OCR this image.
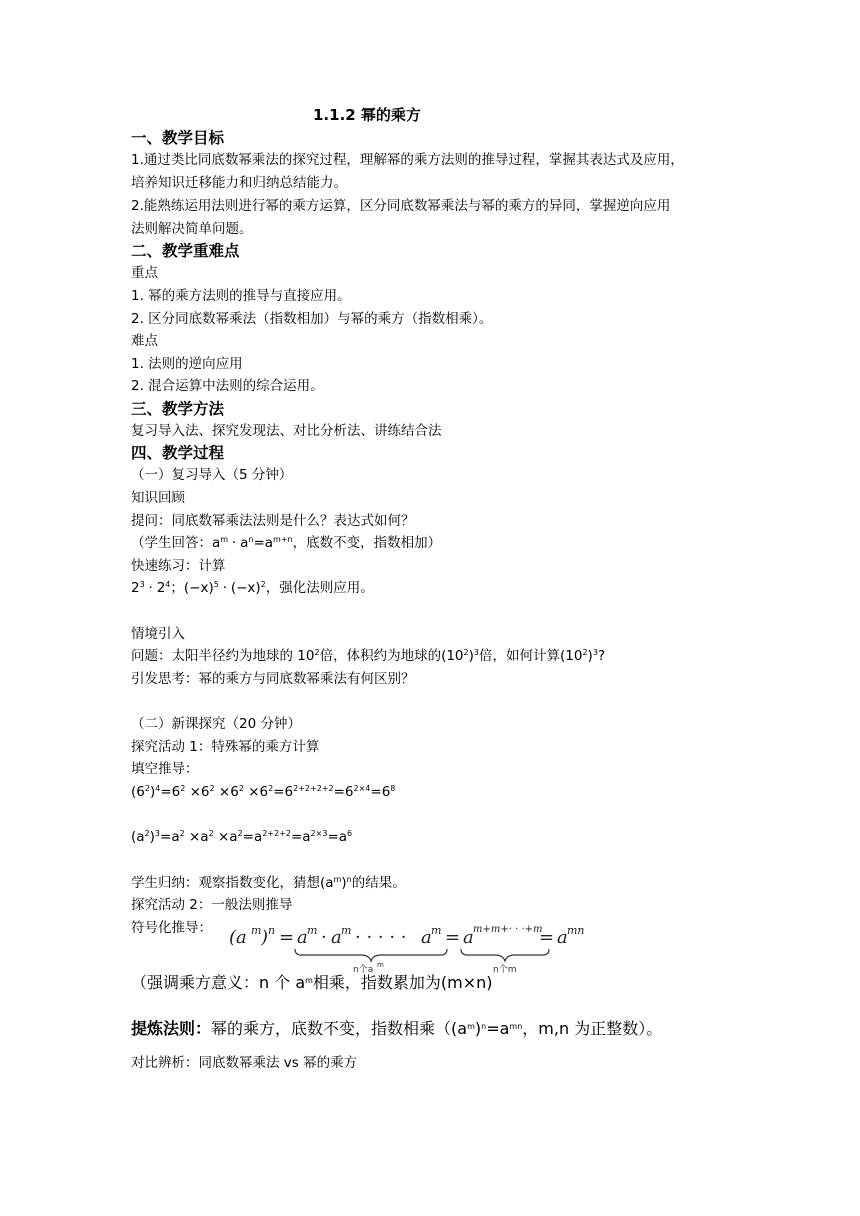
1.1.2 幂的乘方

一、教学目标

1.通过类比同底数幂乘法的探究过程，理解幂的乘方法则的推导过程，掌握其表达式及应用，

培养知识迁移能力和归纳总结能力。

2.能熟练运用法则进行幂的乘方运算，区分同底数幂乘法与幂的乘方的异同，掌握逆向应用

法则解决简单问题。

二、教学重难点

重点

1. 幂的乘方法则的推导与直接应用。

2. 区分同底数幂乘法（指数相加）与幂的乘方（指数相乘）。

难点

1. 法则的逆向应用

2. 混合运算中法则的综合运用。

三、教学方法

复习导入法、探究发现法、对比分析法、讲练结合法

四、教学过程

（一）复习导入（5 分钟）

知识回顾

提问：同底数幂乘法法则是什么？表达式如何？

（学生回答：$a^m \cdot a^n=a^{m+n}$，底数不变，指数相加）

快速练习：计算

$2^3 \cdot 2^4$；$(-x)^5 \cdot (-x)^2$，强化法则应用。

情境引入

问题：太阳半径约为地球的 $10^2$倍，体积约为地球的$(10^2)^3$倍，如何计算$(10^2)^3$?

引发思考：幂的乘方与同底数幂乘法有何区别？

（二）新课探究（20 分钟）

探究活动 1：特殊幂的乘方计算

填空推导：

$(6^2)^4=6^2 \times 6^2 \times 6^2 \times 6^2=6^{2+2+2+2}=6^{2\times 4}=6^8$

$(a^2)^3=a^2 \times a^2 \times a^2=a^{2+2+2}=a^{2\times 3}=a^6$

学生归纳：观察指数变化，猜想$(a^m)^n$的结果。

探究活动 2：一般法则推导

符号化推导： (a m ) n = a m · a m · · · · · a m = a m+m+· · ·+m
= a mn
n个a m	n个m

（强调乘方意义：n 个 $a^m$相乘，指数累加为(m×n)

提炼法则：幂的乘方，底数不变，指数相乘（$(a^m)^n=a^{mn}$，m,n 为正整数）。

对比辨析：同底数幂乘法 vs 幂的乘方
